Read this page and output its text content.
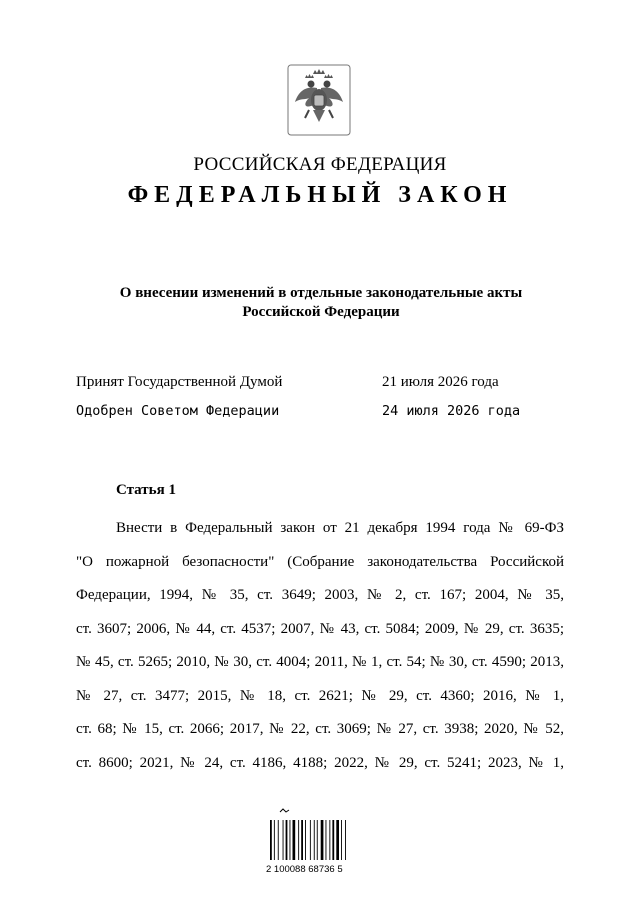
РОССИЙСКАЯ ФЕДЕРАЦИЯ
ФЕДЕРАЛЬНЫЙ ЗАКОН
О внесении изменений в отдельные законодательные акты
Российской Федерации
Принят Государственной Думой	21 июля 2026 года
Одобрен Советом Федерации	24 июля 2026 года
Статья 1
Внести в Федеральный закон от 21 декабря 1994 года № 69-ФЗ
"О пожарной безопасности" (Собрание законодательства Российской
Федерации, 1994, № 35, ст. 3649; 2003, № 2, ст. 167; 2004, № 35,
ст. 3607; 2006, № 44, ст. 4537; 2007, № 43, ст. 5084; 2009, № 29, ст. 3635;
№ 45, ст. 5265; 2010, № 30, ст. 4004; 2011, № 1, ст. 54; № 30, ст. 4590; 2013,
№ 27, ст. 3477; 2015, № 18, ст. 2621; № 29, ст. 4360; 2016, № 1,
ст. 68; № 15, ст. 2066; 2017, № 22, ст. 3069; № 27, ст. 3938; 2020, № 52,
ст. 8600; 2021, № 24, ст. 4186, 4188; 2022, № 29, ст. 5241; 2023, № 1,
2 100088 68736 5
